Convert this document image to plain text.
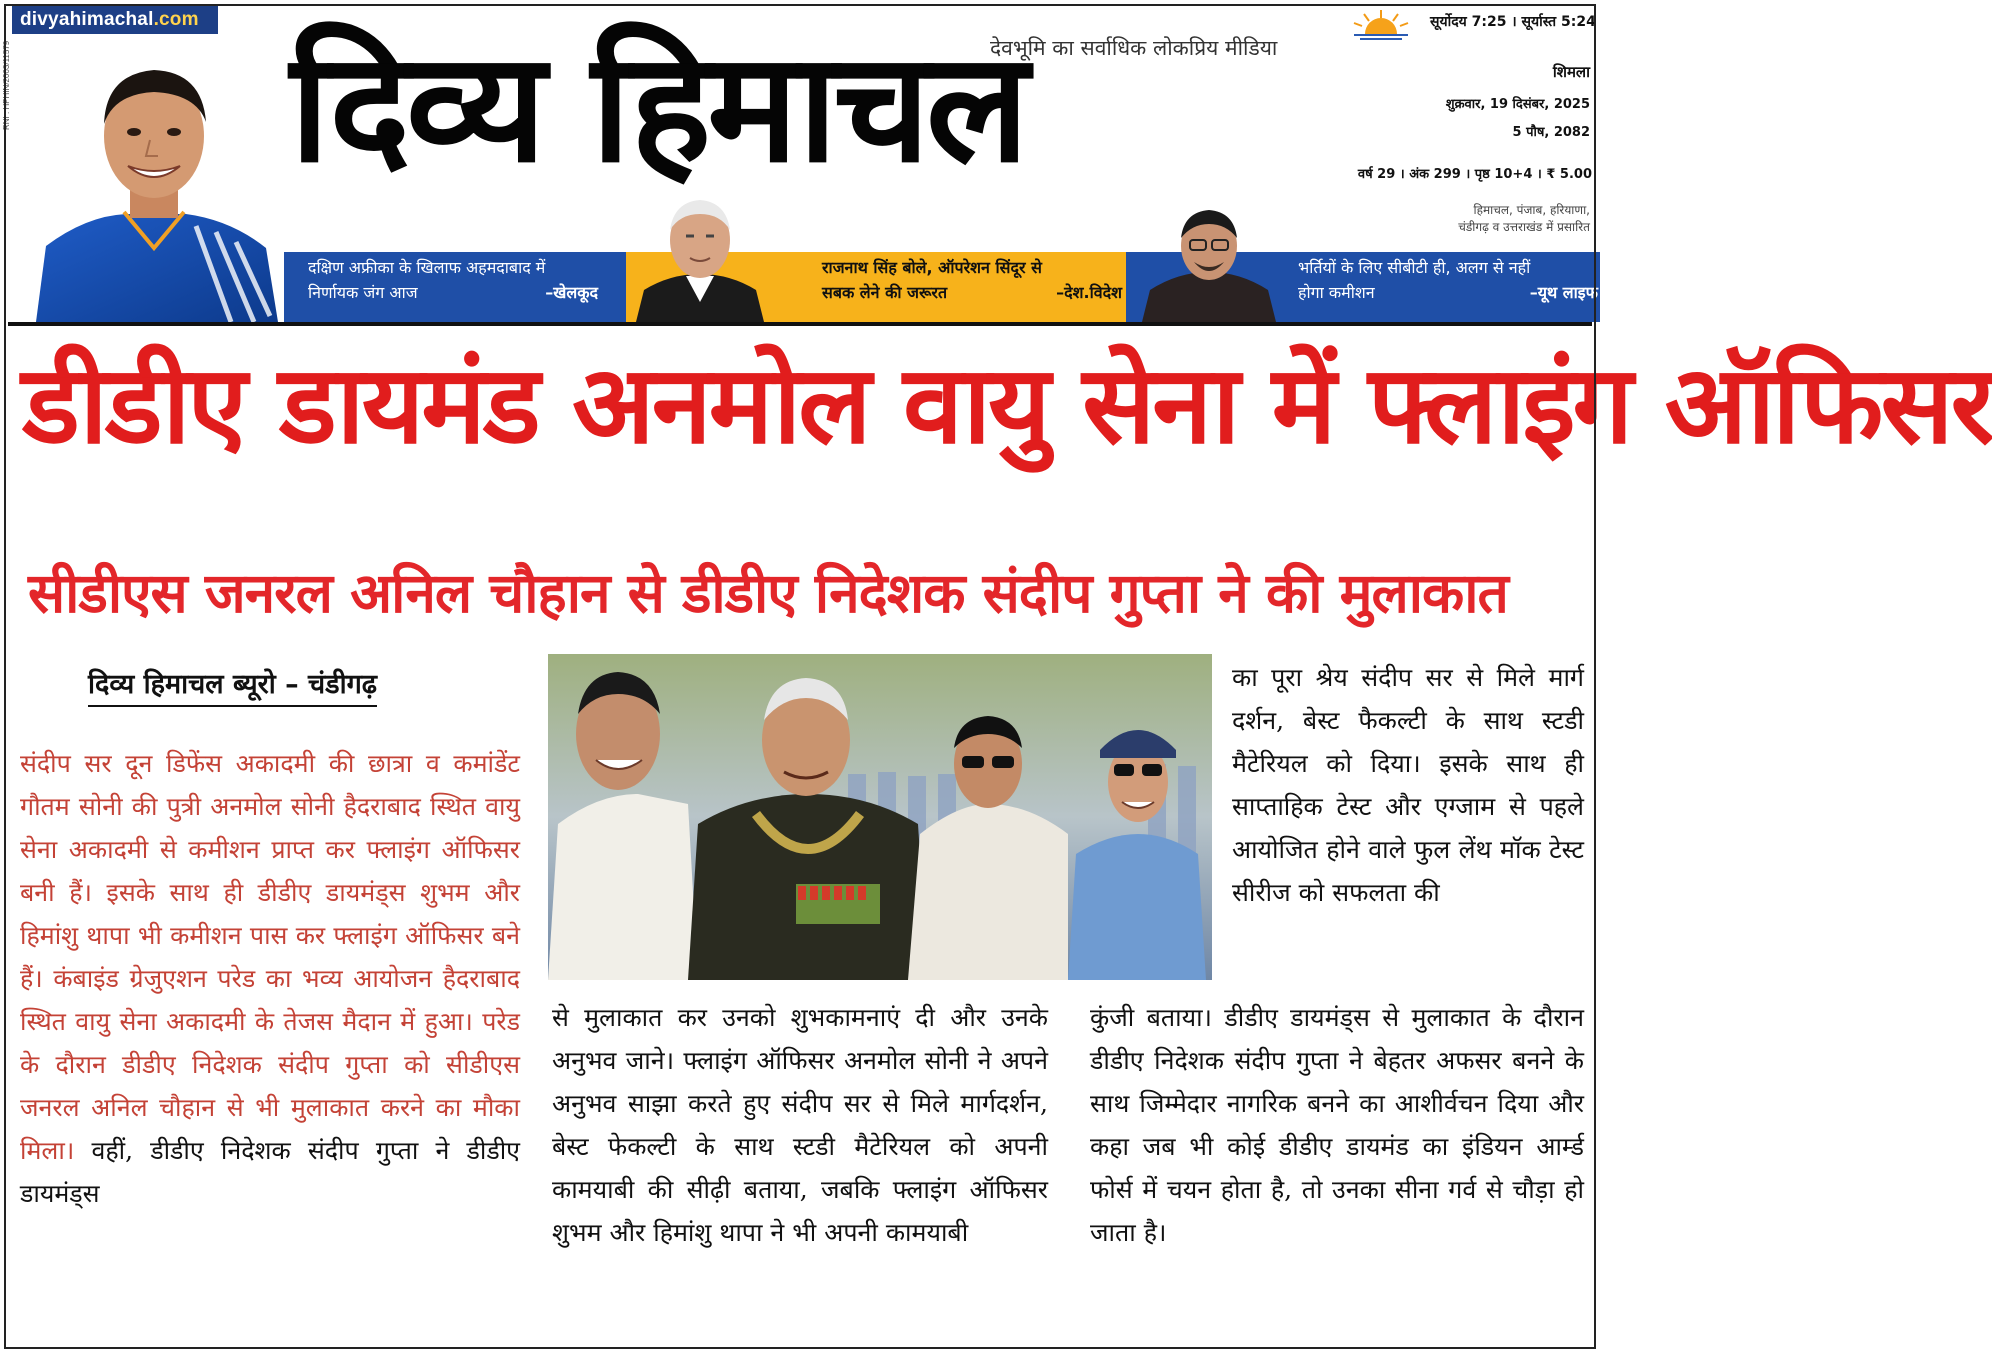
divyahimachal.com
RNI : HPHIN/2003/11579 दिव्य हिमाचल
देवभूमि का सर्वाधिक लोकप्रिय मीडिया
सूर्योदय 7:25 । सूर्यास्त 5:24
शिमला
शुक्रवार, 19 दिसंबर, 2025
5 पौष, 2082
वर्ष 29 । अंक 299 । पृष्ठ 10+4 । ₹ 5.00
हिमाचल, पंजाब, हरियाणा,
चंडीगढ़ व उत्तराखंड में प्रसारित
दक्षिण अफ्रीका के खिलाफ अहमदाबाद में
निर्णायक जंग आज	–खेलकूद
राजनाथ सिंह बोले, ऑपरेशन सिंदूर से
सबक लेने की जरूरत	–देश.विदेश
भर्तियों के लिए सीबीटी ही, अलग से नहीं
होगा कमीशन	–यूथ लाइफ
डीडीए डायमंड अनमोल वायु सेना में फ्लाइंग ऑफिसर
सीडीएस जनरल अनिल चौहान से डीडीए निदेशक संदीप गुप्ता ने की मुलाकात
दिव्य हिमाचल ब्यूरो – चंडीगढ़

संदीप सर दून डिफेंस अकादमी की छात्रा व कमांडेंट गौतम सोनी की पुत्री अनमोल सोनी हैदराबाद स्थित वायु सेना अकादमी से कमीशन प्राप्त कर फ्लाइंग ऑफिसर बनी हैं। इसके साथ ही डीडीए डायमंड्स शुभम और हिमांशु थापा भी कमीशन पास कर फ्लाइंग ऑफिसर बने हैं। कंबाइंड ग्रेजुएशन परेड का भव्य आयोजन हैदराबाद स्थित वायु सेना अकादमी के तेजस मैदान में हुआ। परेड के दौरान डीडीए निदेशक संदीप गुप्ता को सीडीएस जनरल अनिल चौहान से भी मुलाकात करने का मौका मिला। वहीं, डीडीए निदेशक संदीप गुप्ता ने डीडीए डायमंड्स

से मुलाकात कर उनको शुभकामनाएं दी और उनके अनुभव जाने। फ्लाइंग ऑफिसर अनमोल सोनी ने अपने अनुभव साझा करते हुए संदीप सर से मिले मार्गदर्शन, बेस्ट फेकल्टी के साथ स्टडी मैटेरियल को अपनी कामयाबी की सीढ़ी बताया, जबकि फ्लाइंग ऑफिसर शुभम और हिमांशु थापा ने भी अपनी कामयाबी

का पूरा श्रेय संदीप सर से मिले मार्ग दर्शन, बेस्ट फैकल्टी के साथ स्टडी मैटेरियल को दिया। इसके साथ ही साप्ताहिक टेस्ट और एग्जाम से पहले आयोजित होने वाले फुल लेंथ मॉक टेस्ट सीरीज को सफलता की

कुंजी बताया। डीडीए डायमंड्स से मुलाकात के दौरान डीडीए निदेशक संदीप गुप्ता ने बेहतर अफसर बनने के साथ जिम्मेदार नागरिक बनने का आशीर्वचन दिया और कहा जब भी कोई डीडीए डायमंड का इंडियन आर्म्ड फोर्स में चयन होता है, तो उनका सीना गर्व से चौड़ा हो जाता है।
